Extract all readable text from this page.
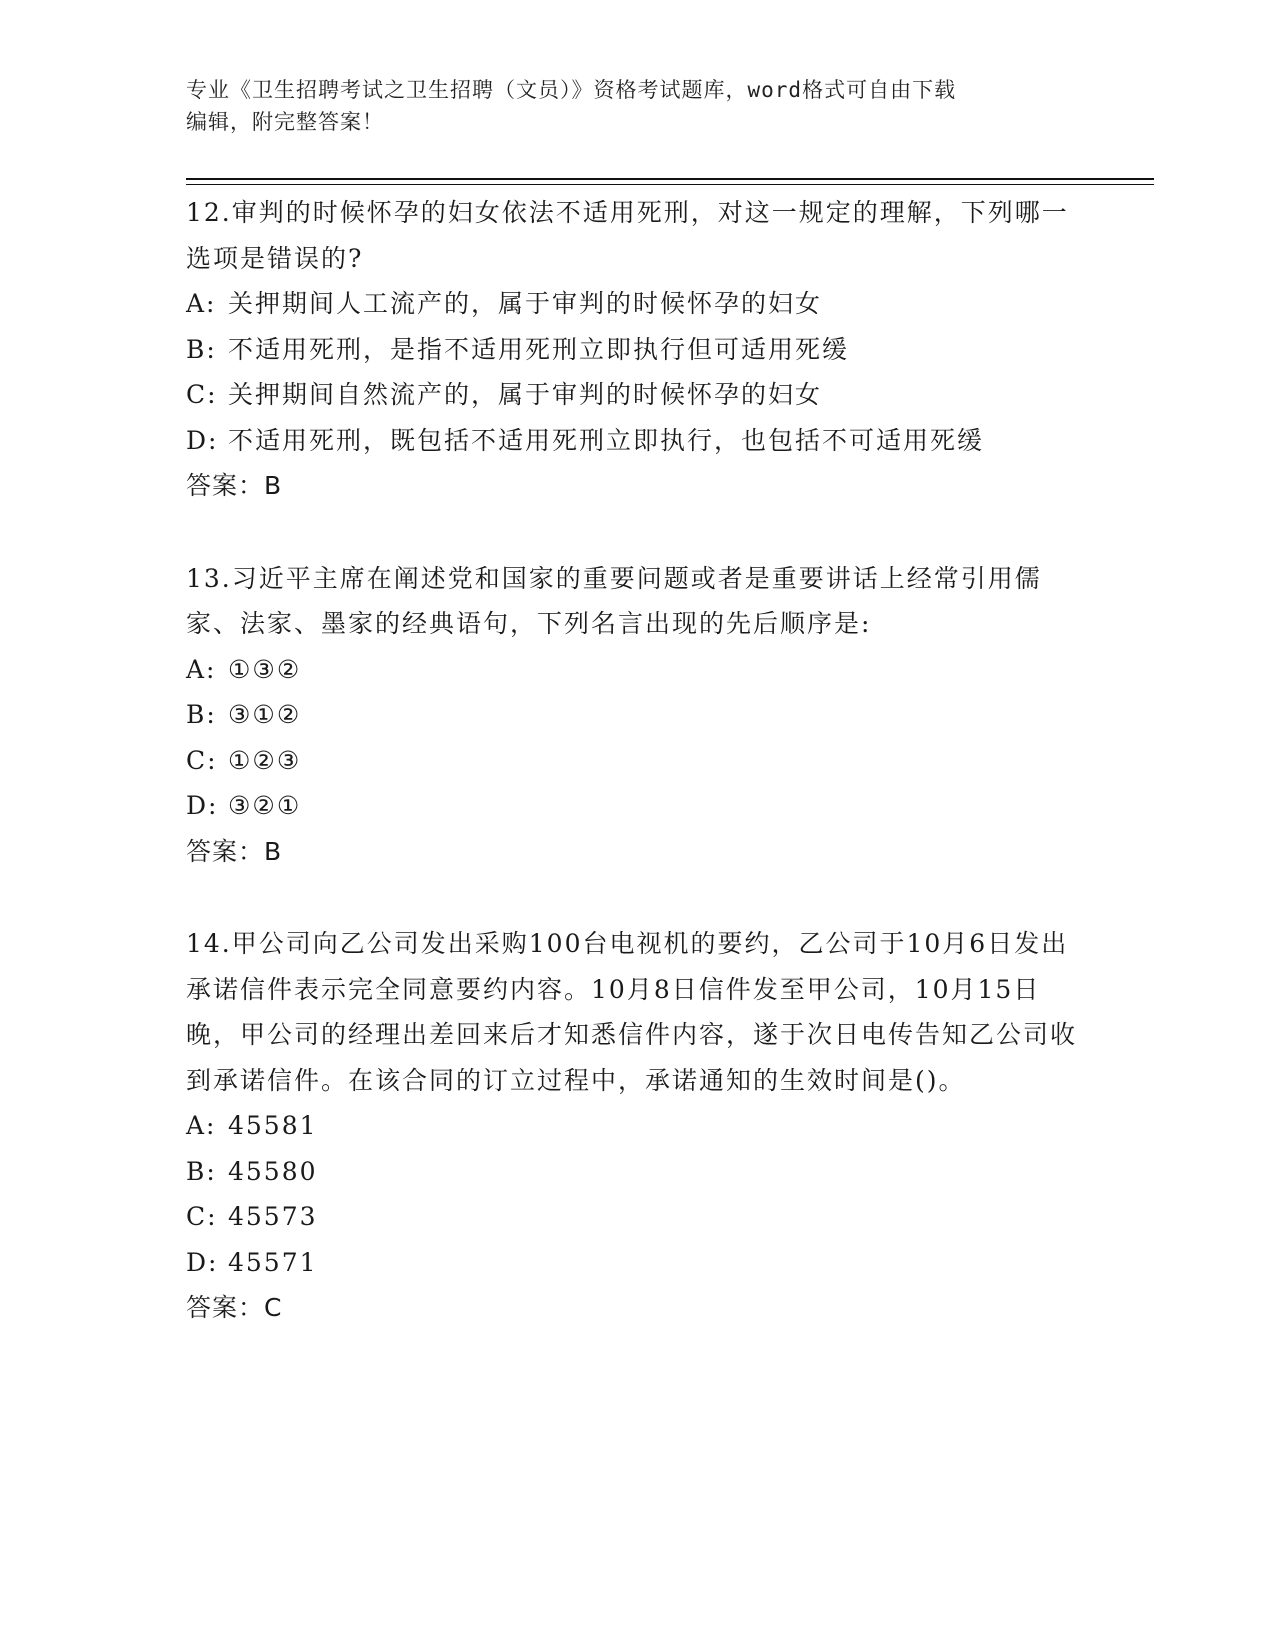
专业《卫生招聘考试之卫生招聘（文员）》资格考试题库，word格式可自由下载
编辑，附完整答案！

12.审判的时候怀孕的妇女依法不适用死刑，对这一规定的理解，下列哪一选项是错误的?

A: 关押期间人工流产的，属于审判的时候怀孕的妇女

B: 不适用死刑，是指不适用死刑立即执行但可适用死缓

C: 关押期间自然流产的，属于审判的时候怀孕的妇女

D: 不适用死刑，既包括不适用死刑立即执行，也包括不可适用死缓

答案：B

13.习近平主席在阐述党和国家的重要问题或者是重要讲话上经常引用儒家、法家、墨家的经典语句，下列名言出现的先后顺序是:

A: ①③②

B: ③①②

C: ①②③

D: ③②①

答案：B

14.甲公司向乙公司发出采购100台电视机的要约，乙公司于10月6日发出承诺信件表示完全同意要约内容。10月8日信件发至甲公司，10月15日晚，甲公司的经理出差回来后才知悉信件内容，遂于次日电传告知乙公司收到承诺信件。在该合同的订立过程中，承诺通知的生效时间是()。

A: 45581

B: 45580

C: 45573

D: 45571

答案：C
